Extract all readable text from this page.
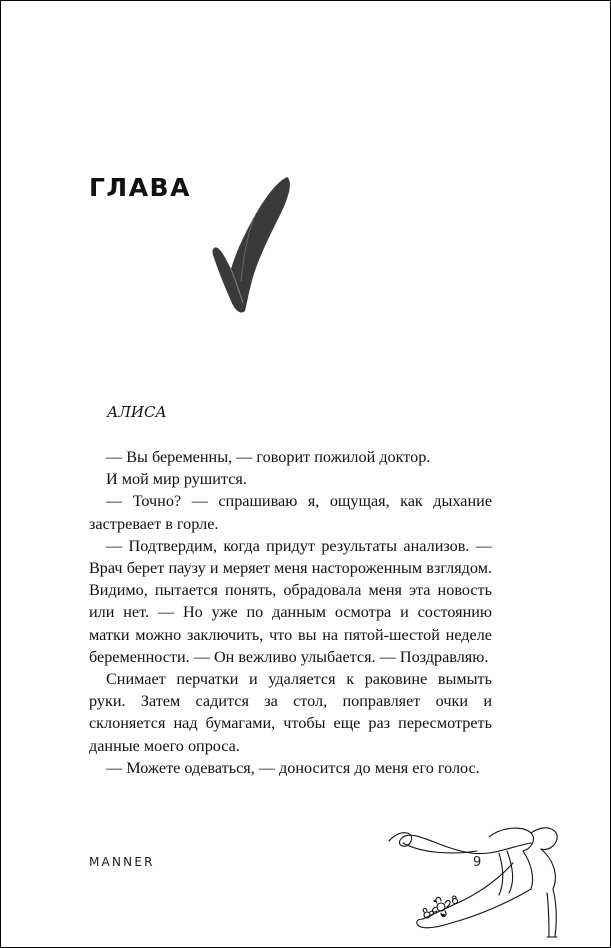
ГЛАВА
АЛИСА

— Вы беременны, — говорит пожилой доктор.

И мой мир рушится.

— Точно? — спрашиваю я, ощущая, как дыхание застревает в горле.

— Подтвердим, когда придут результаты анализов. — Врач берет паузу и меряет меня настороженным взглядом. Видимо, пытается понять, обрадовала меня эта новость или нет. — Но уже по данным осмотра и состоянию матки можно заключить, что вы на пятой-шестой неделе беременности. — Он вежливо улыбается. — Поздравляю.

Снимает перчатки и удаляется к раковине вымыть руки. Затем садится за стол, поправляет очки и склоняется над бумагами, чтобы еще раз пересмотреть данные моего опроса.

— Можете одеваться, — доносится до меня его голос.

MANNER	9
